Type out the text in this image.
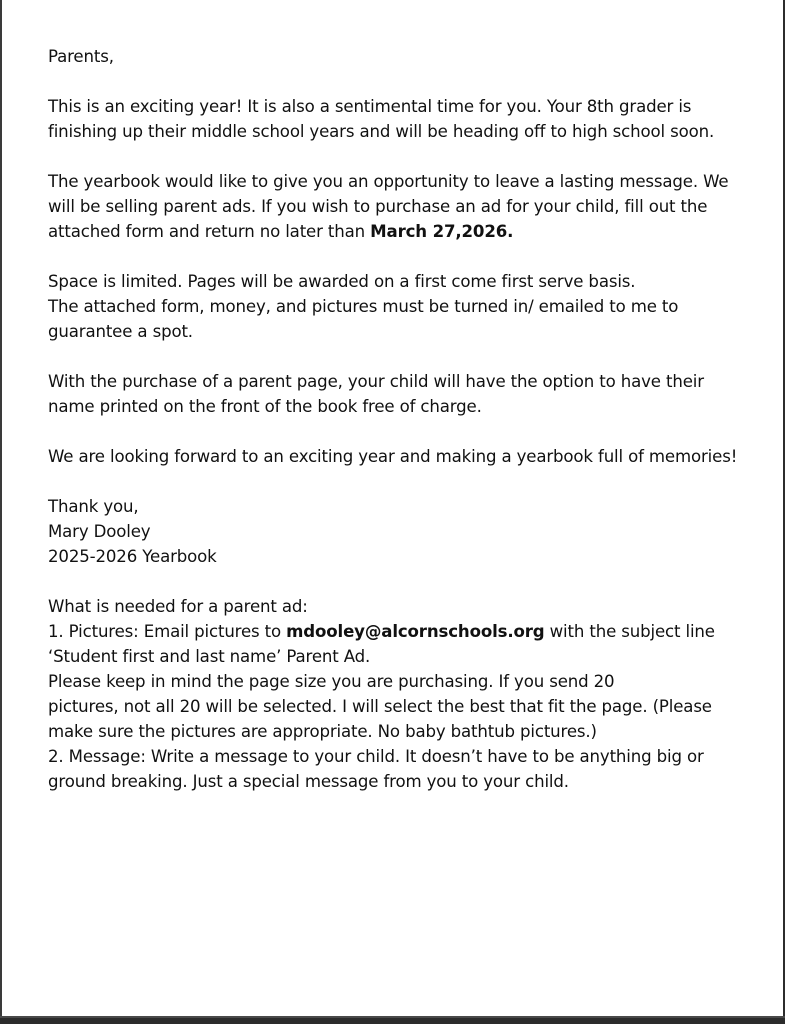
Parents,

This is an exciting year! It is also a sentimental time for you. Your 8th grader is finishing up their middle school years and will be heading off to high school soon.

The yearbook would like to give you an opportunity to leave a lasting message. We will be selling parent ads. If you wish to purchase an ad for your child, fill out the attached form and return no later than March 27,2026.

Space is limited. Pages will be awarded on a first come first serve basis.

The attached form, money, and pictures must be turned in/ emailed to me to guarantee a spot.

With the purchase of a parent page, your child will have the option to have their name printed on the front of the book free of charge.

We are looking forward to an exciting year and making a yearbook full of memories!

Thank you,

Mary Dooley

2025-2026 Yearbook

What is needed for a parent ad:

1. Pictures: Email pictures to mdooley@alcornschools.org with the subject line ‘Student first and last name’ Parent Ad.

Please keep in mind the page size you are purchasing. If you send 20

pictures, not all 20 will be selected. I will select the best that fit the page. (Please make sure the pictures are appropriate. No baby bathtub pictures.)

2. Message: Write a message to your child. It doesn’t have to be anything big or ground breaking. Just a special message from you to your child.
